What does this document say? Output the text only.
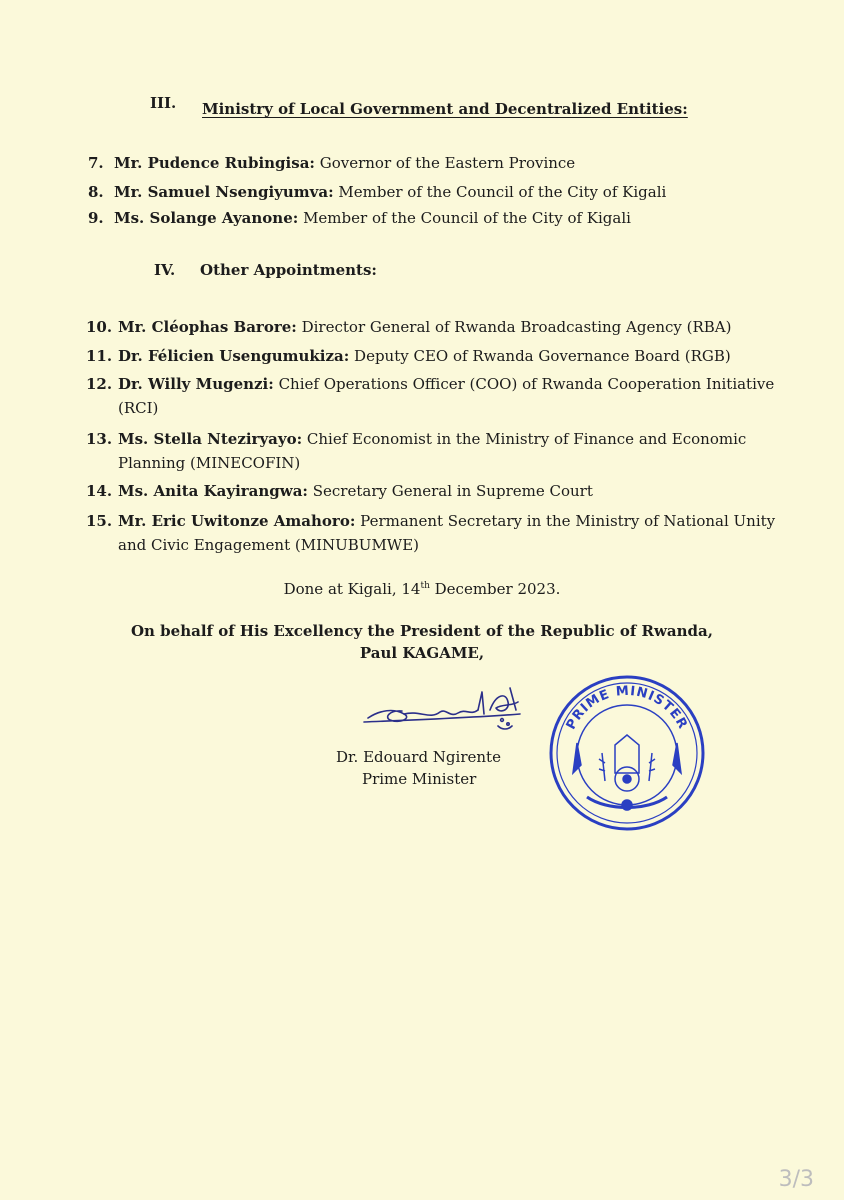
III. Ministry of Local Government and Decentralized Entities:
7. Mr. Pudence Rubingisa: Governor of the Eastern Province
8. Mr. Samuel Nsengiyumva: Member of the Council of the City of Kigali
9. Ms. Solange Ayanone: Member of the Council of the City of Kigali
IV. Other Appointments:
10. Mr. Cléophas Barore: Director General of Rwanda Broadcasting Agency (RBA)
11. Dr. Félicien Usengumukiza: Deputy CEO of Rwanda Governance Board (RGB)
12. Dr. Willy Mugenzi: Chief Operations Officer (COO) of Rwanda Cooperation Initiative (RCI)
13. Ms. Stella Nteziryayo: Chief Economist in the Ministry of Finance and Economic Planning (MINECOFIN)
14. Ms. Anita Kayirangwa: Secretary General in Supreme Court
15. Mr. Eric Uwitonze Amahoro: Permanent Secretary in the Ministry of National Unity and Civic Engagement (MINUBUMWE)
Done at Kigali, 14th December 2023.
On behalf of His Excellency the President of the Republic of Rwanda,
Paul KAGAME,
Dr. Edouard Ngirente
Prime Minister
PRIME MINISTER
3/3
